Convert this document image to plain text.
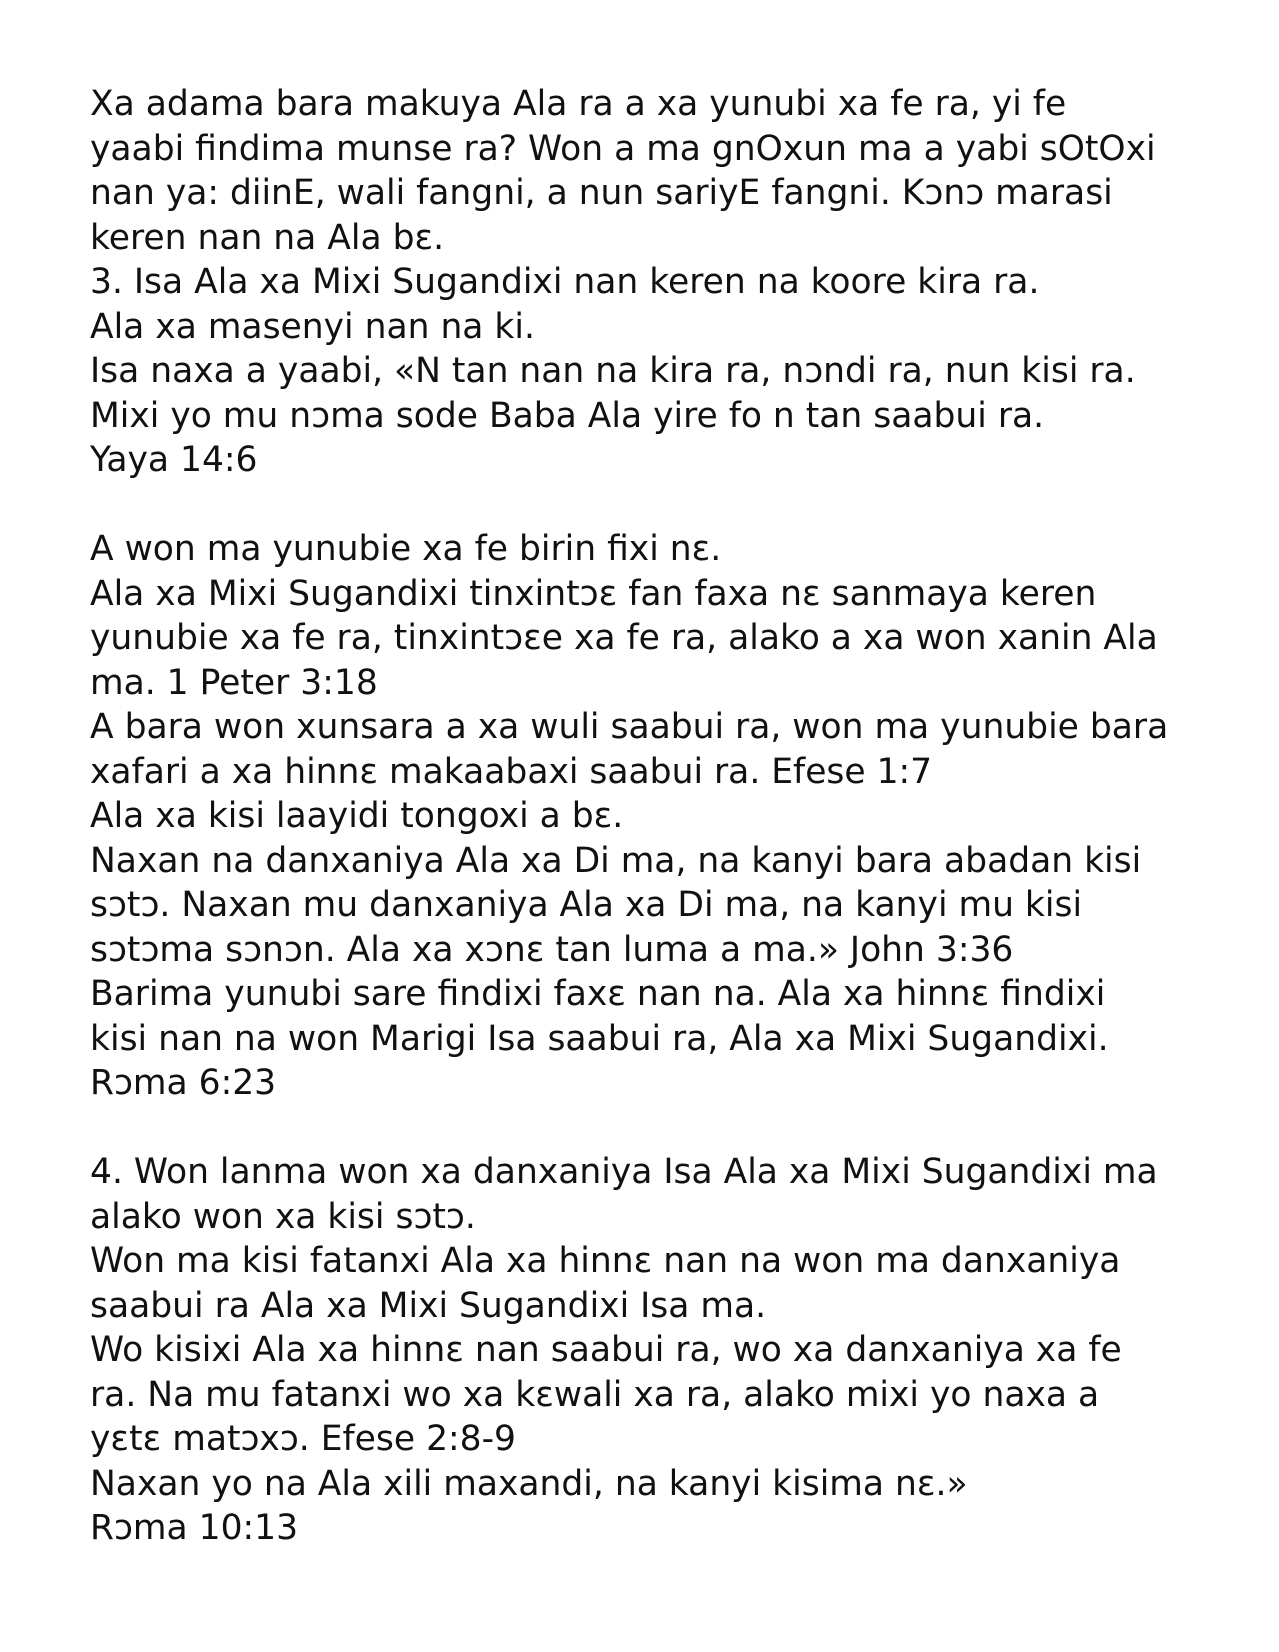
Xa adama bara makuya Ala ra a xa yunubi xa fe ra, yi fe
yaabi findima munse ra? Won a ma gnOxun ma a yabi sOtOxi
nan ya: diinE, wali fangni, a nun sariyE fangni. Kɔnɔ marasi
keren nan na Ala bɛ.
3. Isa Ala xa Mixi Sugandixi nan keren na koore kira ra.
Ala xa masenyi nan na ki.
Isa naxa a yaabi, «N tan nan na kira ra, nɔndi ra, nun kisi ra.
Mixi yo mu nɔma sode Baba Ala yire fo n tan saabui ra.
Yaya 14:6
A won ma yunubie xa fe birin fixi nɛ.
Ala xa Mixi Sugandixi tinxintɔɛ fan faxa nɛ sanmaya keren
yunubie xa fe ra, tinxintɔɛe xa fe ra, alako a xa won xanin Ala
ma. 1 Peter 3:18
A bara won xunsara a xa wuli saabui ra, won ma yunubie bara
xafari a xa hinnɛ makaabaxi saabui ra. Efese 1:7
Ala xa kisi laayidi tongoxi a bɛ.
Naxan na danxaniya Ala xa Di ma, na kanyi bara abadan kisi
sɔtɔ. Naxan mu danxaniya Ala xa Di ma, na kanyi mu kisi
sɔtɔma sɔnɔn. Ala xa xɔnɛ tan luma a ma.» John 3:36
Barima yunubi sare findixi faxɛ nan na. Ala xa hinnɛ findixi
kisi nan na won Marigi Isa saabui ra, Ala xa Mixi Sugandixi.
Rɔma 6:23
4. Won lanma won xa danxaniya Isa Ala xa Mixi Sugandixi ma
alako won xa kisi sɔtɔ.
Won ma kisi fatanxi Ala xa hinnɛ nan na won ma danxaniya
saabui ra Ala xa Mixi Sugandixi Isa ma.
Wo kisixi Ala xa hinnɛ nan saabui ra, wo xa danxaniya xa fe
ra. Na mu fatanxi wo xa kɛwali xa ra, alako mixi yo naxa a
yɛtɛ matɔxɔ. Efese 2:8-9
Naxan yo na Ala xili maxandi, na kanyi kisima nɛ.»
Rɔma 10:13
